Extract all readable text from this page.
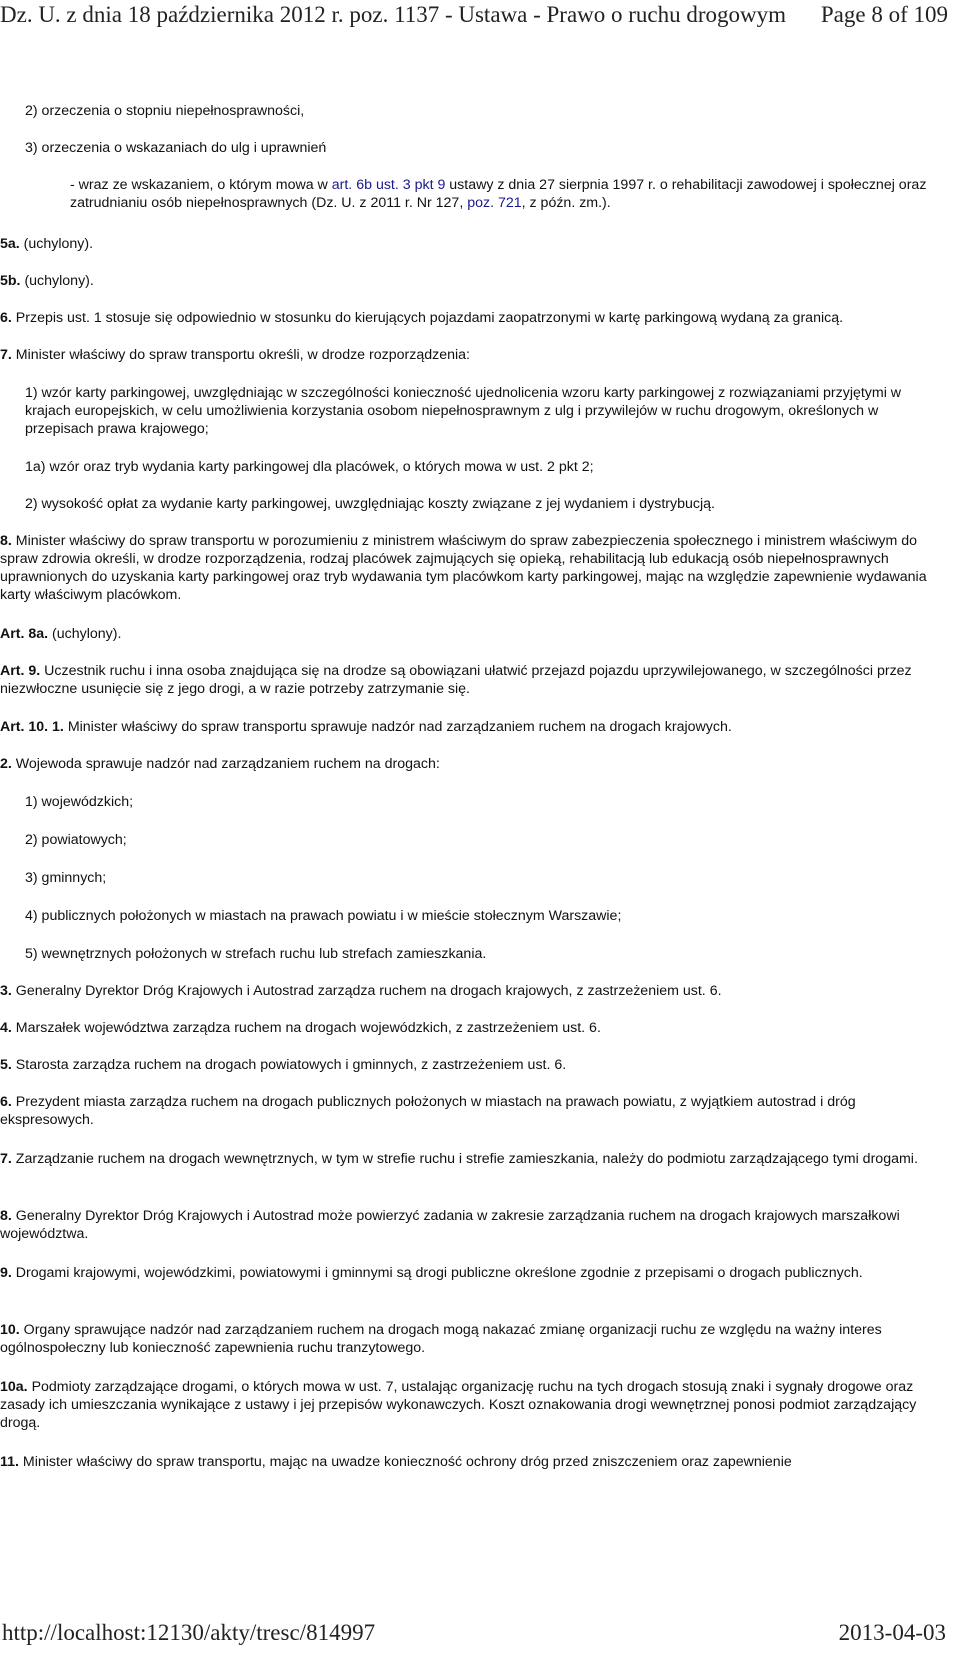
Dz. U. z dnia 18 października 2012 r. poz. 1137 - Ustawa - Prawo o ruchu drogowym Page 8 of 109
2) orzeczenia o stopniu niepełnosprawności,
3) orzeczenia o wskazaniach do ulg i uprawnień
- wraz ze wskazaniem, o którym mowa w art. 6b ust. 3 pkt 9 ustawy z dnia 27 sierpnia 1997 r. o rehabilitacji zawodowej i społecznej oraz zatrudnianiu osób niepełnosprawnych (Dz. U. z 2011 r. Nr 127, poz. 721, z późn. zm.).
5a. (uchylony).
5b. (uchylony).
6. Przepis ust. 1 stosuje się odpowiednio w stosunku do kierujących pojazdami zaopatrzonymi w kartę parkingową wydaną za granicą.
7. Minister właściwy do spraw transportu określi, w drodze rozporządzenia:
1) wzór karty parkingowej, uwzględniając w szczególności konieczność ujednolicenia wzoru karty parkingowej z rozwiązaniami przyjętymi w krajach europejskich, w celu umożliwienia korzystania osobom niepełnosprawnym z ulg i przywilejów w ruchu drogowym, określonych w przepisach prawa krajowego;
1a) wzór oraz tryb wydania karty parkingowej dla placówek, o których mowa w ust. 2 pkt 2;
2) wysokość opłat za wydanie karty parkingowej, uwzględniając koszty związane z jej wydaniem i dystrybucją.
8. Minister właściwy do spraw transportu w porozumieniu z ministrem właściwym do spraw zabezpieczenia społecznego i ministrem właściwym do spraw zdrowia określi, w drodze rozporządzenia, rodzaj placówek zajmujących się opieką, rehabilitacją lub edukacją osób niepełnosprawnych uprawnionych do uzyskania karty parkingowej oraz tryb wydawania tym placówkom karty parkingowej, mając na względzie zapewnienie wydawania karty właściwym placówkom.
Art. 8a. (uchylony).
Art. 9. Uczestnik ruchu i inna osoba znajdująca się na drodze są obowiązani ułatwić przejazd pojazdu uprzywilejowanego, w szczególności przez niezwłoczne usunięcie się z jego drogi, a w razie potrzeby zatrzymanie się.
Art. 10. 1. Minister właściwy do spraw transportu sprawuje nadzór nad zarządzaniem ruchem na drogach krajowych.
2. Wojewoda sprawuje nadzór nad zarządzaniem ruchem na drogach:
1) wojewódzkich;
2) powiatowych;
3) gminnych;
4) publicznych położonych w miastach na prawach powiatu i w mieście stołecznym Warszawie;
5) wewnętrznych położonych w strefach ruchu lub strefach zamieszkania.
3. Generalny Dyrektor Dróg Krajowych i Autostrad zarządza ruchem na drogach krajowych, z zastrzeżeniem ust. 6.
4. Marszałek województwa zarządza ruchem na drogach wojewódzkich, z zastrzeżeniem ust. 6.
5. Starosta zarządza ruchem na drogach powiatowych i gminnych, z zastrzeżeniem ust. 6.
6. Prezydent miasta zarządza ruchem na drogach publicznych położonych w miastach na prawach powiatu, z wyjątkiem autostrad i dróg ekspresowych.
7. Zarządzanie ruchem na drogach wewnętrznych, w tym w strefie ruchu i strefie zamieszkania, należy do podmiotu zarządzającego tymi drogami.
8. Generalny Dyrektor Dróg Krajowych i Autostrad może powierzyć zadania w zakresie zarządzania ruchem na drogach krajowych marszałkowi województwa.
9. Drogami krajowymi, wojewódzkimi, powiatowymi i gminnymi są drogi publiczne określone zgodnie z przepisami o drogach publicznych.
10. Organy sprawujące nadzór nad zarządzaniem ruchem na drogach mogą nakazać zmianę organizacji ruchu ze względu na ważny interes ogólnospołeczny lub konieczność zapewnienia ruchu tranzytowego.
10a. Podmioty zarządzające drogami, o których mowa w ust. 7, ustalając organizację ruchu na tych drogach stosują znaki i sygnały drogowe oraz zasady ich umieszczania wynikające z ustawy i jej przepisów wykonawczych. Koszt oznakowania drogi wewnętrznej ponosi podmiot zarządzający drogą.
11. Minister właściwy do spraw transportu, mając na uwadze konieczność ochrony dróg przed zniszczeniem oraz zapewnienie
http://localhost:12130/akty/tresc/814997	2013-04-03
